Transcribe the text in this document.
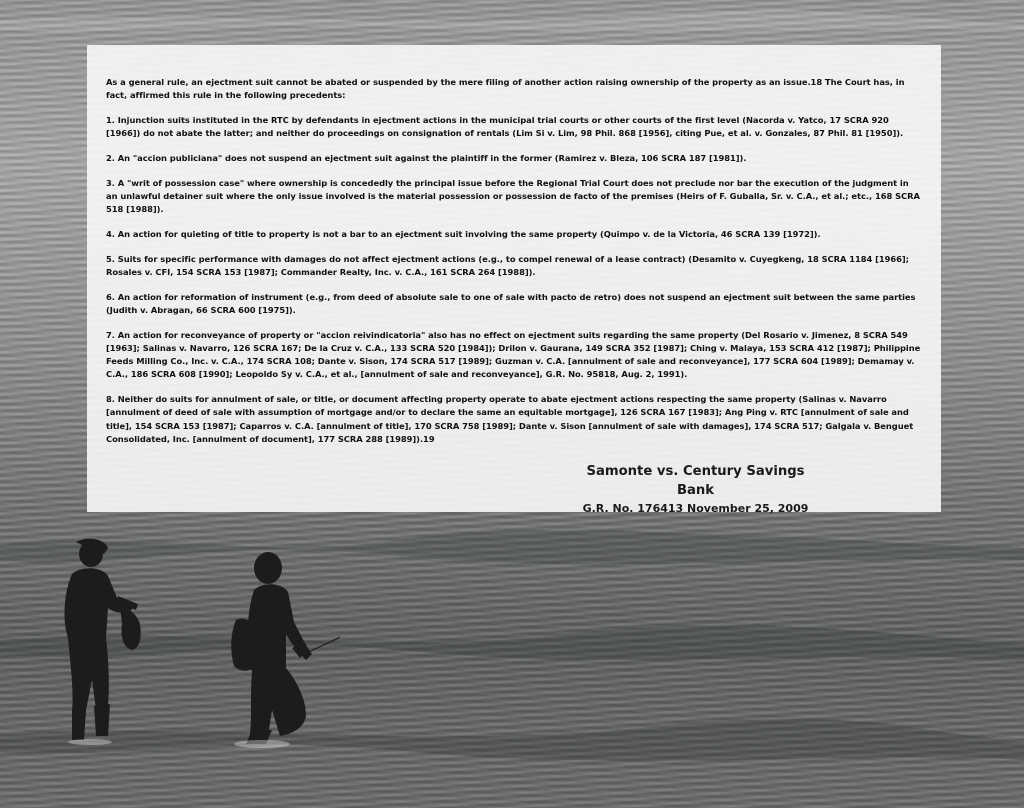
As a general rule, an ejectment suit cannot be abated or suspended by the mere filing of another action raising ownership of the property as an issue.18 The Court has, in fact, affirmed this rule in the following precedents:

1. Injunction suits instituted in the RTC by defendants in ejectment actions in the municipal trial courts or other courts of the first level (Nacorda v. Yatco, 17 SCRA 920 [1966]) do not abate the latter; and neither do proceedings on consignation of rentals (Lim Si v. Lim, 98 Phil. 868 [1956], citing Pue, et al. v. Gonzales, 87 Phil. 81 [1950]).

2. An "accion publiciana" does not suspend an ejectment suit against the plaintiff in the former (Ramirez v. Bleza, 106 SCRA 187 [1981]).

3. A "writ of possession case" where ownership is concededly the principal issue before the Regional Trial Court does not preclude nor bar the execution of the judgment in an unlawful detainer suit where the only issue involved is the material possession or possession de facto of the premises (Heirs of F. Guballa, Sr. v. C.A., et al.; etc., 168 SCRA 518 [1988]).

4. An action for quieting of title to property is not a bar to an ejectment suit involving the same property (Quimpo v. de la Victoria, 46 SCRA 139 [1972]).

5. Suits for specific performance with damages do not affect ejectment actions (e.g., to compel renewal of a lease contract) (Desamito v. Cuyegkeng, 18 SCRA 1184 [1966]; Rosales v. CFI, 154 SCRA 153 [1987]; Commander Realty, Inc. v. C.A., 161 SCRA 264 [1988]).

6. An action for reformation of instrument (e.g., from deed of absolute sale to one of sale with pacto de retro) does not suspend an ejectment suit between the same parties (Judith v. Abragan, 66 SCRA 600 [1975]).

7. An action for reconveyance of property or "accion reivindicatoria" also has no effect on ejectment suits regarding the same property (Del Rosario v. Jimenez, 8 SCRA 549 [1963]; Salinas v. Navarro, 126 SCRA 167; De la Cruz v. C.A., 133 SCRA 520 [1984]); Drilon v. Gaurana, 149 SCRA 352 [1987]; Ching v. Malaya, 153 SCRA 412 [1987]; Philippine Feeds Milling Co., Inc. v. C.A., 174 SCRA 108; Dante v. Sison, 174 SCRA 517 [1989]; Guzman v. C.A. [annulment of sale and reconveyance], 177 SCRA 604 [1989]; Demamay v. C.A., 186 SCRA 608 [1990]; Leopoldo Sy v. C.A., et al., [annulment of sale and reconveyance], G.R. No. 95818, Aug. 2, 1991).

8. Neither do suits for annulment of sale, or title, or document affecting property operate to abate ejectment actions respecting the same property (Salinas v. Navarro [annulment of deed of sale with assumption of mortgage and/or to declare the same an equitable mortgage], 126 SCRA 167 [1983]; Ang Ping v. RTC [annulment of sale and title], 154 SCRA 153 [1987]; Caparros v. C.A. [annulment of title], 170 SCRA 758 [1989]; Dante v. Sison [annulment of sale with damages], 174 SCRA 517; Galgala v. Benguet Consolidated, Inc. [annulment of document], 177 SCRA 288 [1989]).19

Samonte vs. Century Savings Bank
G.R. No. 176413 November 25, 2009
